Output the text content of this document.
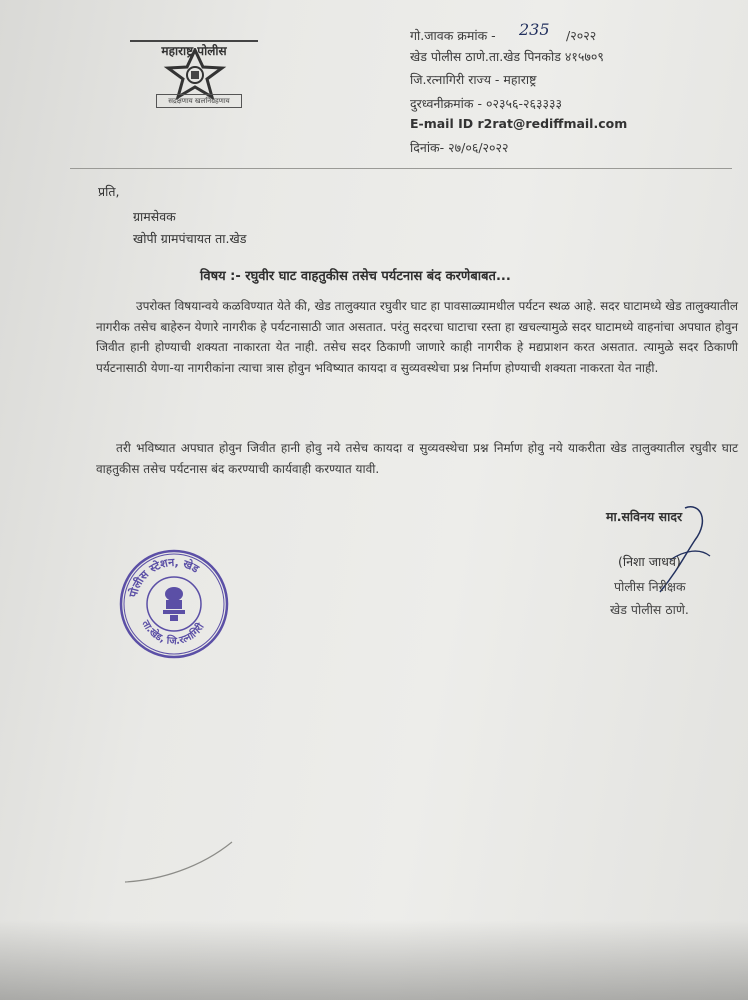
महाराष्ट्र पोलीस
सद्रक्षणाय खलनिग्रहणाय
गो.जावक क्रमांक - 235 /२०२२
खेड पोलीस ठाणे.ता.खेड पिनकोड ४१५७०९
जि.रत्नागिरी राज्य - महाराष्ट्र
दुरध्वनीक्रमांक - ०२३५६-२६३३३३
E-mail ID r2rat@rediffmail.com
दिनांक- २७/०६/२०२२
प्रति,
ग्रामसेवक
खोपी ग्रामपंचायत ता.खेड
विषय :- रघुवीर घाट वाहतुकीस तसेच पर्यटनास बंद करणेबाबत...
उपरोक्त विषयान्वये कळविण्यात येते की, खेड तालुक्यात रघुवीर घाट हा पावसाळ्यामधील पर्यटन स्थळ आहे. सदर घाटामध्ये खेड तालुक्यातील नागरीक तसेच बाहेरुन येणारे नागरीक हे पर्यटनासाठी जात असतात. परंतु सदरचा घाटाचा रस्ता हा खचल्यामुळे सदर घाटामध्ये वाहनांचा अपघात होवुन जिवीत हानी होण्याची शक्यता नाकारता येत नाही. तसेच सदर ठिकाणी जाणारे काही नागरीक हे मद्यप्राशन करत असतात. त्यामुळे सदर ठिकाणी पर्यटनासाठी येणा-या नागरीकांना त्याचा त्रास होवुन भविष्यात कायदा व सुव्यवस्थेचा प्रश्न निर्माण होण्याची शक्यता नाकरता येत नाही.
तरी भविष्यात अपघात होवुन जिवीत हानी होवु नये तसेच कायदा व सुव्यवस्थेचा प्रश्न निर्माण होवु नये याकरीता खेड तालुक्यातील रघुवीर घाट वाहतुकीस तसेच पर्यटनास बंद करण्याची कार्यवाही करण्यात यावी.
मा.सविनय सादर
(निशा जाधव)
पोलीस निरीक्षक
खेड पोलीस ठाणे.
पोलीस स्टेशन, खेड
ता.खेड, जि.रत्नागिरी
